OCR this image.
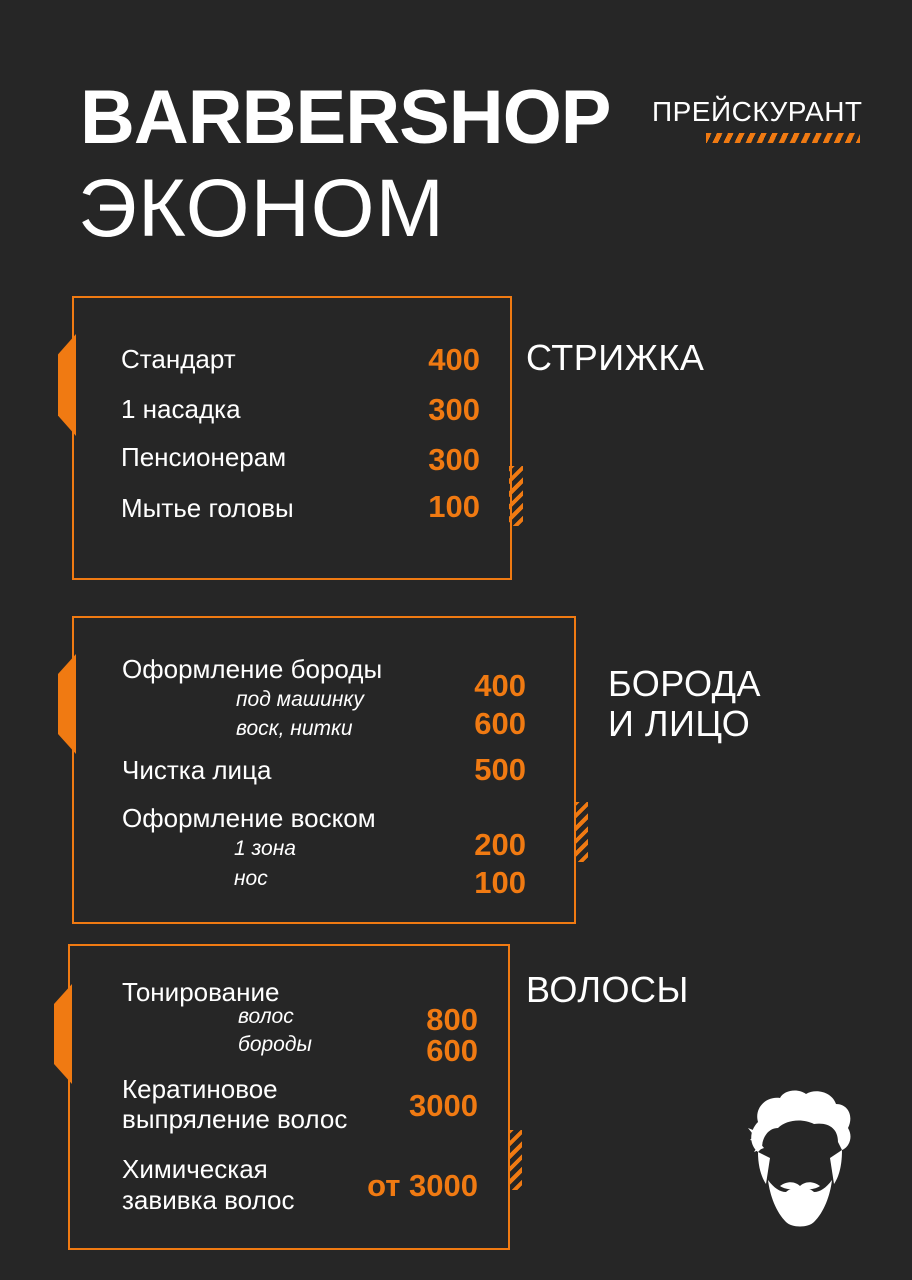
BARBERSHOP
ЭКОНОМ
ПРЕЙСКУРАНТ
Стандарт	400
1 насадка	300
Пенсионерам	300
Мытье головы	100
СТРИЖКА
Оформление бороды
под машинку	400
воск, нитки	600
Чистка лица	500
Оформление воском
1 зона	200
нос	100
БОРОДА
И ЛИЦО
Тонирование
волос	800
бороды	600
Кератиновое
выпряление волос 3000
Химическая
завивка волос от 3000
ВОЛОСЫ
